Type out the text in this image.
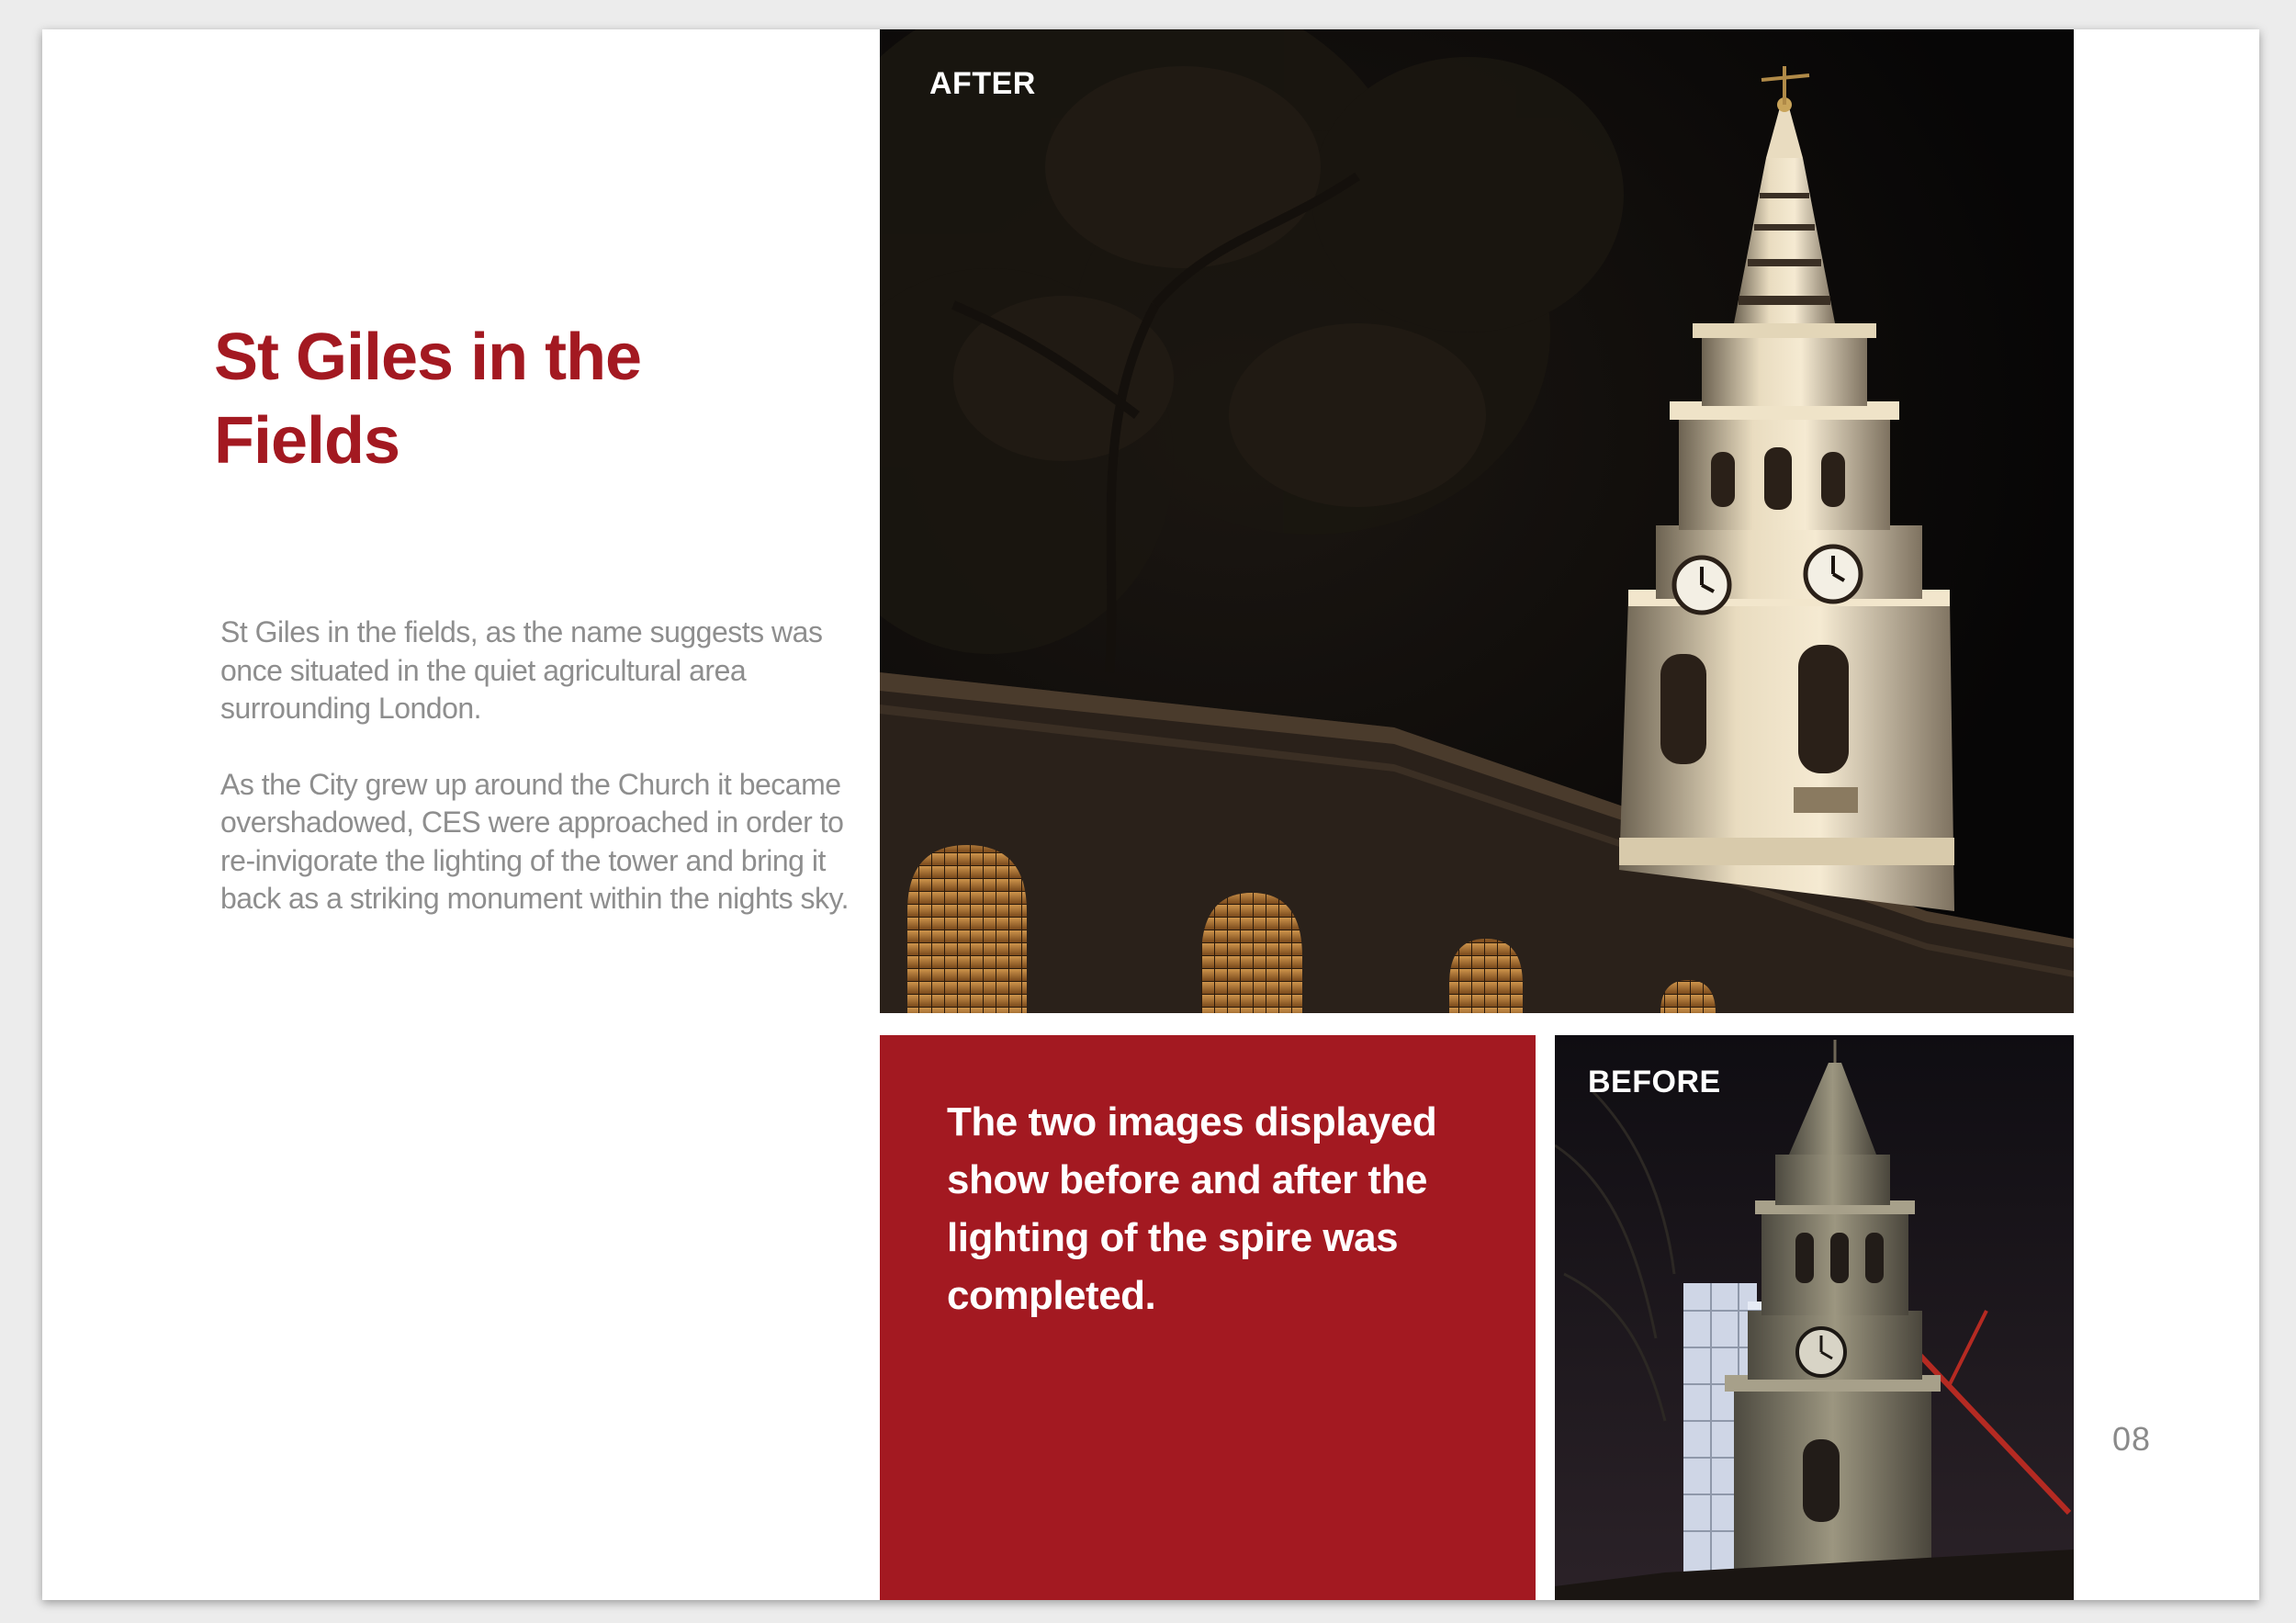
St Giles in the Fields

St Giles in the fields, as the name suggests was once situated in the quiet agricultural area surrounding London.

As the City grew up around the Church it became overshadowed, CES were approached in order to re-invigorate the lighting of the tower and bring it back as a striking monument within the nights sky.

AFTER

The two images displayed show before and after the lighting of the spire was completed.

BEFORE

08
